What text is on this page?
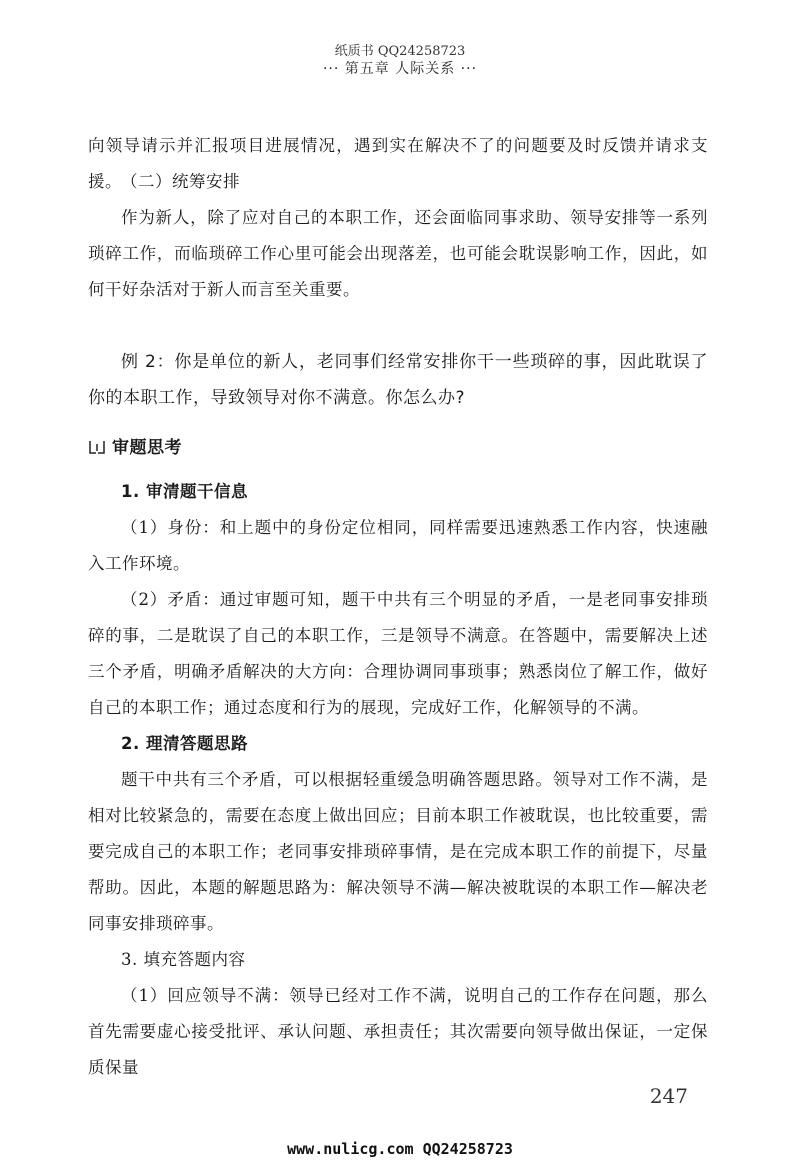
纸质书 QQ24258723
··· 第五章 人际关系 ···
向领导请示并汇报项目进展情况，遇到实在解决不了的问题要及时反馈并请求支援。 （二）统筹安排
作为新人，除了应对自己的本职工作，还会面临同事求助、领导安排等一系列琐碎工作，而临琐碎工作心里可能会出现落差，也可能会耽误影响工作，因此，如何干好杂活对于新人而言至关重要。
例 2：你是单位的新人，老同事们经常安排你干一些琐碎的事，因此耽误了你的本职工作，导致领导对你不满意。你怎么办?
审题思考
1. 审清题干信息
（1）身份：和上题中的身份定位相同，同样需要迅速熟悉工作内容，快速融入工作环境。
（2）矛盾：通过审题可知，题干中共有三个明显的矛盾，一是老同事安排琐碎的事，二是耽误了自己的本职工作，三是领导不满意。在答题中，需要解决上述三个矛盾，明确矛盾解决的大方向：合理协调同事琐事；熟悉岗位了解工作，做好自己的本职工作；通过态度和行为的展现，完成好工作，化解领导的不满。
2. 理清答题思路
题干中共有三个矛盾，可以根据轻重缓急明确答题思路。领导对工作不满，是相对比较紧急的，需要在态度上做出回应；目前本职工作被耽误，也比较重要，需要完成自己的本职工作；老同事安排琐碎事情，是在完成本职工作的前提下，尽量帮助。因此，本题的解题思路为：解决领导不满—解决被耽误的本职工作—解决老同事安排琐碎事。
3. 填充答题内容
（1）回应领导不满：领导已经对工作不满，说明自己的工作存在问题，那么首先需要虚心接受批评、承认问题、承担责任；其次需要向领导做出保证，一定保质保量
247
www.nulicg.com QQ24258723
